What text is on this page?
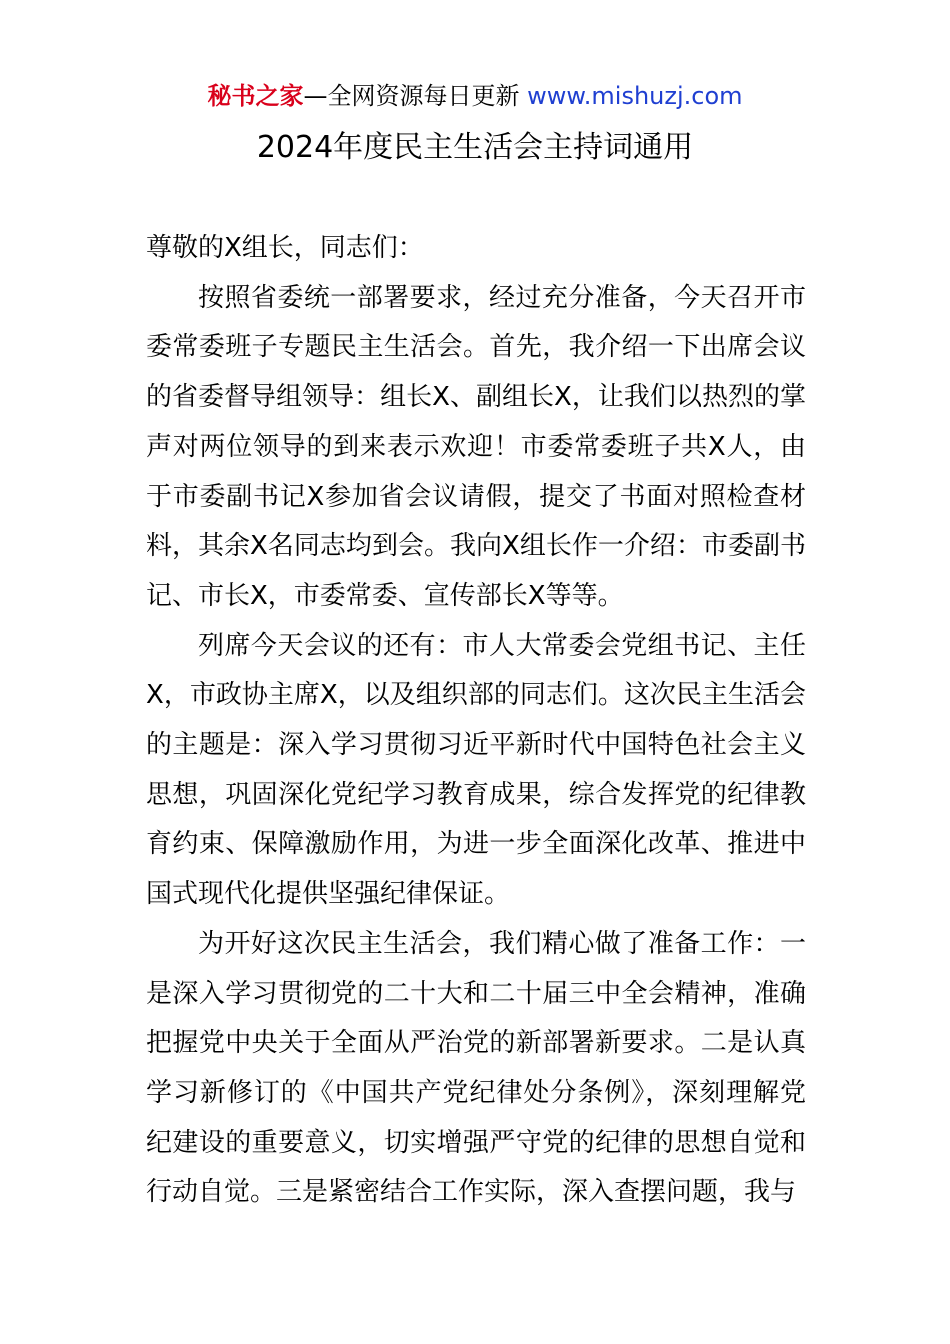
秘书之家—全网资源每日更新 www.mishuzj.com
2024年度民主生活会主持词通用

尊敬的X组长，同志们：

按照省委统一部署要求，经过充分准备，今天召开市委常委班子专题民主生活会。首先，我介绍一下出席会议的省委督导组领导：组长X、副组长X，让我们以热烈的掌声对两位领导的到来表示欢迎！市委常委班子共X人，由于市委副书记X参加省会议请假，提交了书面对照检查材料，其余X名同志均到会。我向X组长作一介绍：市委副书记、市长X，市委常委、宣传部长X等等。

列席今天会议的还有：市人大常委会党组书记、主任X，市政协主席X，以及组织部的同志们。这次民主生活会的主题是：深入学习贯彻习近平新时代中国特色社会主义思想，巩固深化党纪学习教育成果，综合发挥党的纪律教育约束、保障激励作用，为进一步全面深化改革、推进中国式现代化提供坚强纪律保证。

为开好这次民主生活会，我们精心做了准备工作：一是深入学习贯彻党的二十大和二十届三中全会精神，准确把握党中央关于全面从严治党的新部署新要求。二是认真学习新修订的《中国共产党纪律处分条例》，深刻理解党纪建设的重要意义，切实增强严守党的纪律的思想自觉和行动自觉。三是紧密结合工作实际，深入查摆问题，我与
